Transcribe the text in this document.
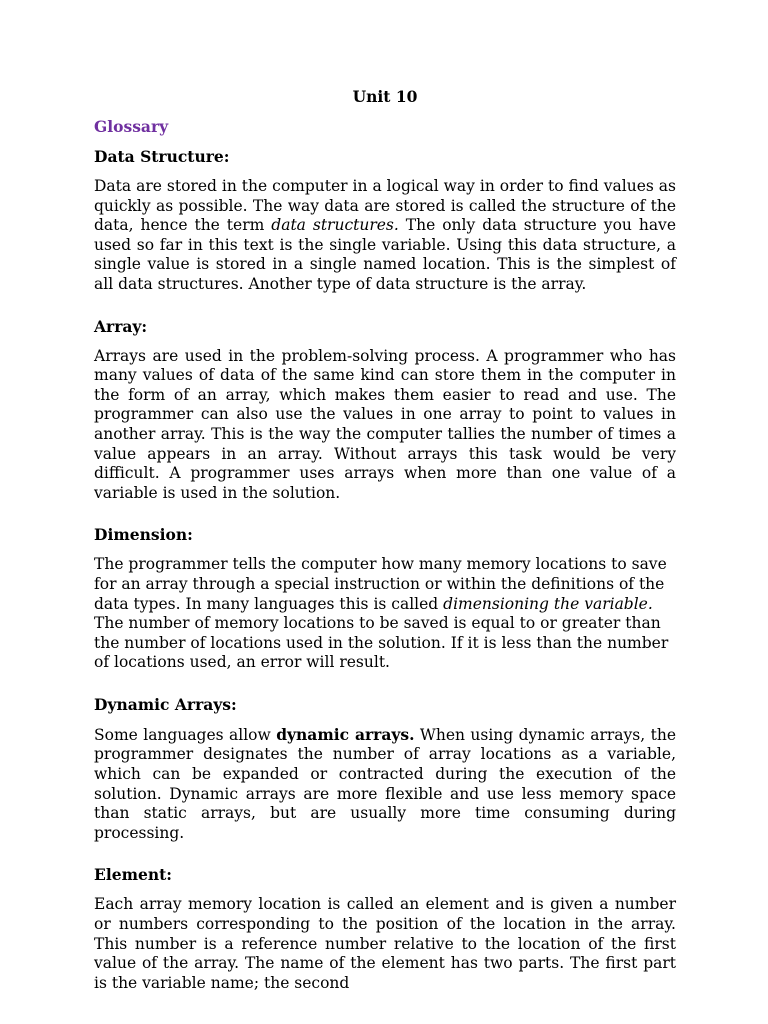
Unit 10
Glossary
Data Structure:

Data are stored in the computer in a logical way in order to find values as quickly as possible. The way data are stored is called the structure of the data, hence the term data structures. The only data structure you have used so far in this text is the single variable. Using this data structure, a single value is stored in a single named location. This is the simplest of all data structures. Another type of data structure is the array.

Array:

Arrays are used in the problem-solving process. A programmer who has many values of data of the same kind can store them in the computer in the form of an array, which makes them easier to read and use. The programmer can also use the values in one array to point to values in another array. This is the way the computer tallies the number of times a value appears in an array. Without arrays this task would be very difficult. A programmer uses arrays when more than one value of a variable is used in the solution.

Dimension:

The programmer tells the computer how many memory locations to save for an array through a special instruction or within the definitions of the data types. In many languages this is called dimensioning the variable. The number of memory locations to be saved is equal to or greater than the number of locations used in the solution. If it is less than the number of locations used, an error will result.

Dynamic Arrays:

Some languages allow dynamic arrays. When using dynamic arrays, the programmer designates the number of array locations as a variable, which can be expanded or contracted during the execution of the solution. Dynamic arrays are more flexible and use less memory space than static arrays, but are usually more time consuming during processing.

Element:

Each array memory location is called an element and is given a number or numbers corresponding to the position of the location in the array. This number is a reference number relative to the location of the first value of the array. The name of the element has two parts. The first part is the variable name; the second
